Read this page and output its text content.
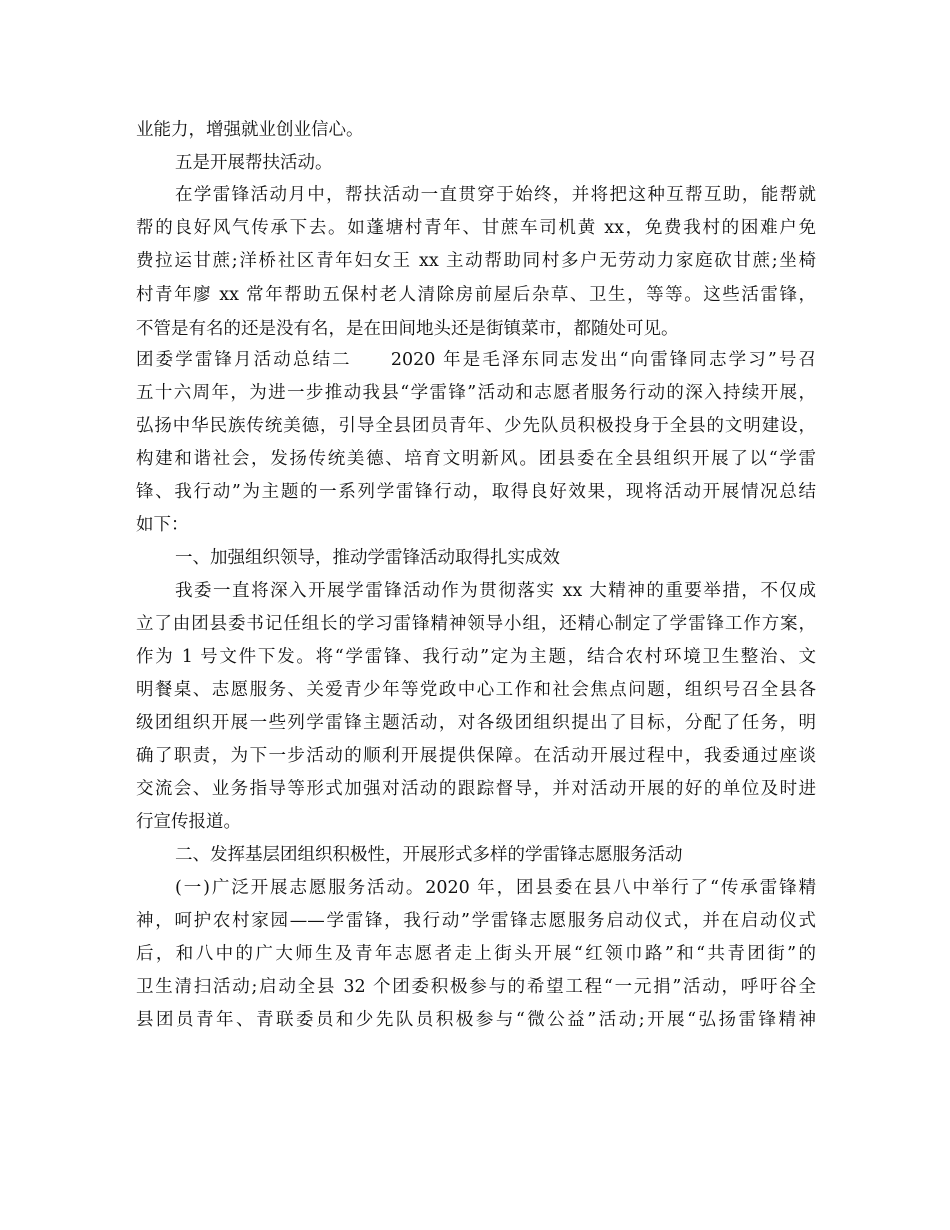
业能力，增强就业创业信心。
五是开展帮扶活动。
在学雷锋活动月中，帮扶活动一直贯穿于始终，并将把这种互帮互助，能帮就
帮的良好风气传承下去。如蓬塘村青年、甘蔗车司机黄 xx，免费我村的困难户免
费拉运甘蔗;洋桥社区青年妇女王 xx 主动帮助同村多户无劳动力家庭砍甘蔗;坐椅
村青年廖 xx 常年帮助五保村老人清除房前屋后杂草、卫生，等等。这些活雷锋，
不管是有名的还是没有名，是在田间地头还是街镇菜市，都随处可见。
团委学雷锋月活动总结二　　2020 年是毛泽东同志发出“向雷锋同志学习”号召
五十六周年，为进一步推动我县“学雷锋”活动和志愿者服务行动的深入持续开展，
弘扬中华民族传统美德，引导全县团员青年、少先队员积极投身于全县的文明建设，
构建和谐社会，发扬传统美德、培育文明新风。团县委在全县组织开展了以“学雷
锋、我行动”为主题的一系列学雷锋行动，取得良好效果，现将活动开展情况总结
如下：
一、加强组织领导，推动学雷锋活动取得扎实成效
我委一直将深入开展学雷锋活动作为贯彻落实 xx 大精神的重要举措，不仅成
立了由团县委书记任组长的学习雷锋精神领导小组，还精心制定了学雷锋工作方案，
作为 1 号文件下发。将“学雷锋、我行动”定为主题，结合农村环境卫生整治、文
明餐桌、志愿服务、关爱青少年等党政中心工作和社会焦点问题，组织号召全县各
级团组织开展一些列学雷锋主题活动，对各级团组织提出了目标，分配了任务，明
确了职责，为下一步活动的顺利开展提供保障。在活动开展过程中，我委通过座谈
交流会、业务指导等形式加强对活动的跟踪督导，并对活动开展的好的单位及时进
行宣传报道。
二、发挥基层团组织积极性，开展形式多样的学雷锋志愿服务活动
(一)广泛开展志愿服务活动。2020 年，团县委在县八中举行了“传承雷锋精
神，呵护农村家园——学雷锋，我行动”学雷锋志愿服务启动仪式，并在启动仪式
后，和八中的广大师生及青年志愿者走上街头开展“红领巾路”和“共青团街”的
卫生清扫活动;启动全县 32 个团委积极参与的希望工程“一元捐”活动，呼吁谷全
县团员青年、青联委员和少先队员积极参与“微公益”活动;开展“弘扬雷锋精神
